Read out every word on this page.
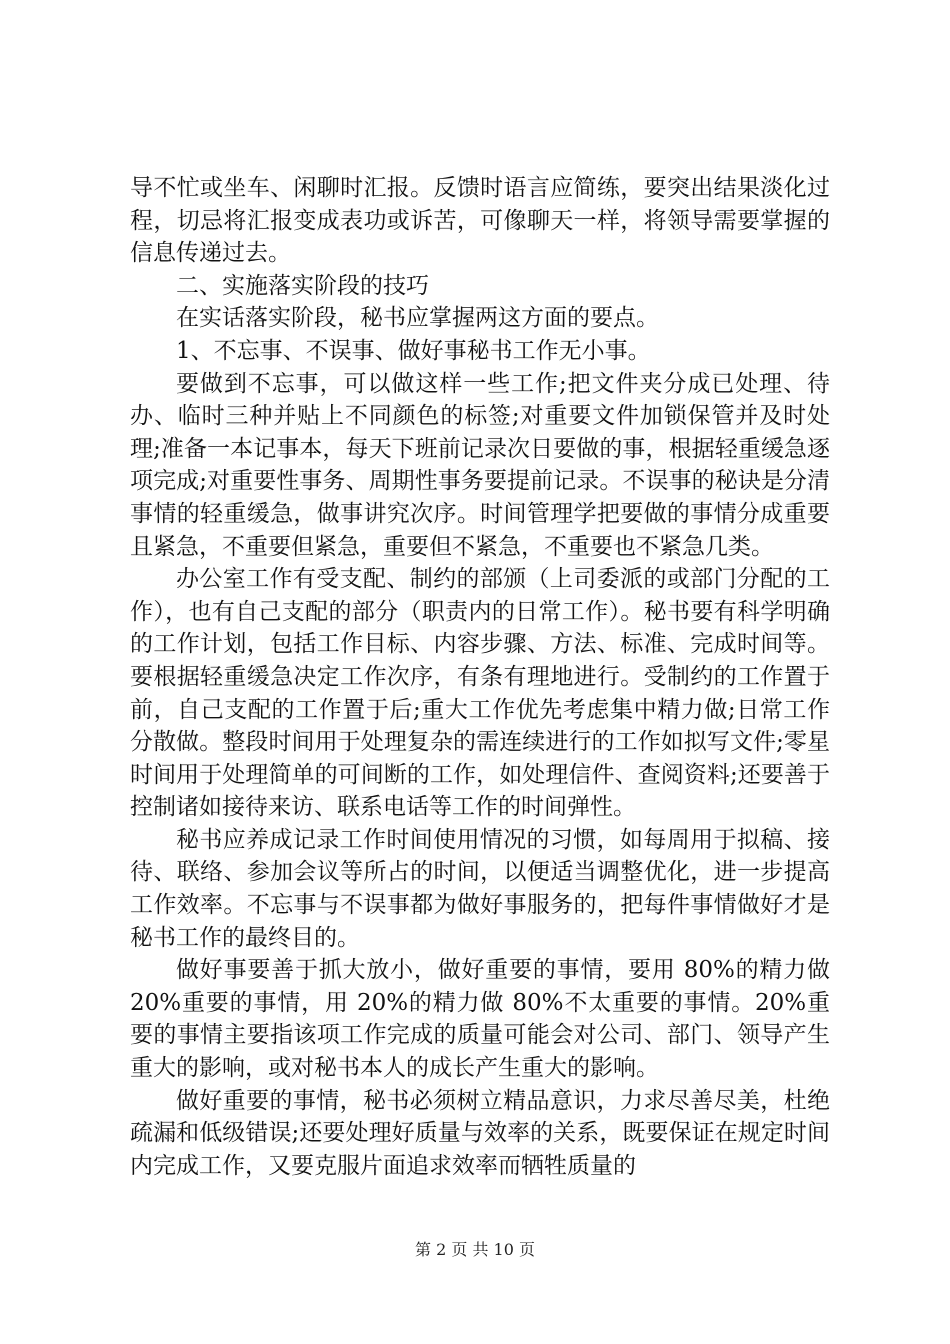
导不忙或坐车、闲聊时汇报。反馈时语言应简练，要突出结果淡化过程，切忌将汇报变成表功或诉苦，可像聊天一样，将领导需要掌握的信息传递过去。

二、实施落实阶段的技巧

在实话落实阶段，秘书应掌握两这方面的要点。

1、不忘事、不误事、做好事秘书工作无小事。

要做到不忘事，可以做这样一些工作;把文件夹分成已处理、待办、临时三种并贴上不同颜色的标签;对重要文件加锁保管并及时处理;准备一本记事本，每天下班前记录次日要做的事，根据轻重缓急逐项完成;对重要性事务、周期性事务要提前记录。不误事的秘诀是分清事情的轻重缓急，做事讲究次序。时间管理学把要做的事情分成重要且紧急，不重要但紧急，重要但不紧急，不重要也不紧急几类。

办公室工作有受支配、制约的部颁（上司委派的或部门分配的工作），也有自己支配的部分（职责内的日常工作）。秘书要有科学明确的工作计划，包括工作目标、内容步骤、方法、标准、完成时间等。要根据轻重缓急决定工作次序，有条有理地进行。受制约的工作置于前，自己支配的工作置于后;重大工作优先考虑集中精力做;日常工作分散做。整段时间用于处理复杂的需连续进行的工作如拟写文件;零星时间用于处理简单的可间断的工作，如处理信件、查阅资料;还要善于控制诸如接待来访、联系电话等工作的时间弹性。

秘书应养成记录工作时间使用情况的习惯，如每周用于拟稿、接待、联络、参加会议等所占的时间，以便适当调整优化，进一步提高工作效率。不忘事与不误事都为做好事服务的，把每件事情做好才是秘书工作的最终目的。

做好事要善于抓大放小，做好重要的事情，要用 80%的精力做 20%重要的事情，用 20%的精力做 80%不太重要的事情。20%重要的事情主要指该项工作完成的质量可能会对公司、部门、领导产生重大的影响，或对秘书本人的成长产生重大的影响。

做好重要的事情，秘书必须树立精品意识，力求尽善尽美，杜绝疏漏和低级错误;还要处理好质量与效率的关系，既要保证在规定时间内完成工作，又要克服片面追求效率而牺牲质量的

第 2 页 共 10 页
